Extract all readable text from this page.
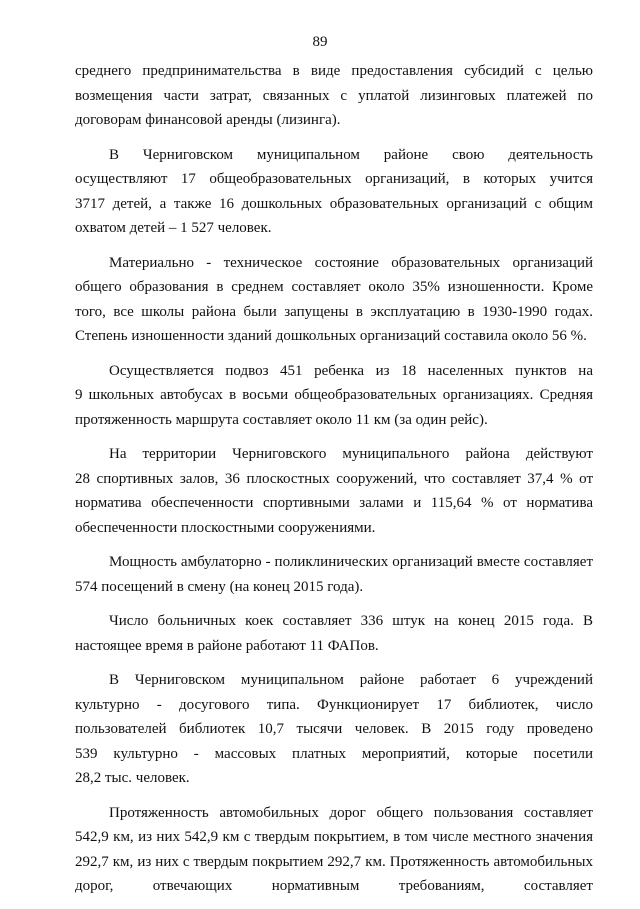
89
среднего предпринимательства в виде предоставления субсидий с целью
возмещения части затрат, связанных с уплатой лизинговых платежей по
договорам финансовой аренды (лизинга).
В Черниговском муниципальном районе свою деятельность
осуществляют 17 общеобразовательных организаций, в которых учится
3717 детей, а также 16 дошкольных образовательных организаций с общим
охватом детей – 1 527 человек.
Материально - техническое состояние образовательных организаций
общего образования в среднем составляет около 35% изношенности. Кроме
того, все школы района были запущены в эксплуатацию в 1930-1990 годах.
Степень изношенности зданий дошкольных организаций составила около 56 %.
Осуществляется подвоз 451 ребенка из 18 населенных пунктов на
9 школьных автобусах в восьми общеобразовательных организациях. Средняя
протяженность маршрута составляет около 11 км (за один рейс).
На территории Черниговского муниципального района действуют
28 спортивных залов, 36 плоскостных сооружений, что составляет 37,4 % от
норматива обеспеченности спортивными залами и 115,64 % от норматива
обеспеченности плоскостными сооружениями.
Мощность амбулаторно - поликлинических организаций вместе составляет
574 посещений в смену (на конец 2015 года).
Число больничных коек составляет 336 штук на конец 2015 года. В
настоящее время в районе работают 11 ФАПов.
В Черниговском муниципальном районе работает 6 учреждений
культурно - досугового типа. Функционирует 17 библиотек, число
пользователей библиотек 10,7 тысячи человек. В 2015 году проведено
539 культурно - массовых платных мероприятий, которые посетили
28,2 тыс. человек.
Протяженность автомобильных дорог общего пользования составляет
542,9 км, из них 542,9 км с твердым покрытием, в том числе местного значения
292,7 км, из них с твердым покрытием 292,7 км. Протяженность автомобильных
дорог, отвечающих нормативным требованиям, составляет
